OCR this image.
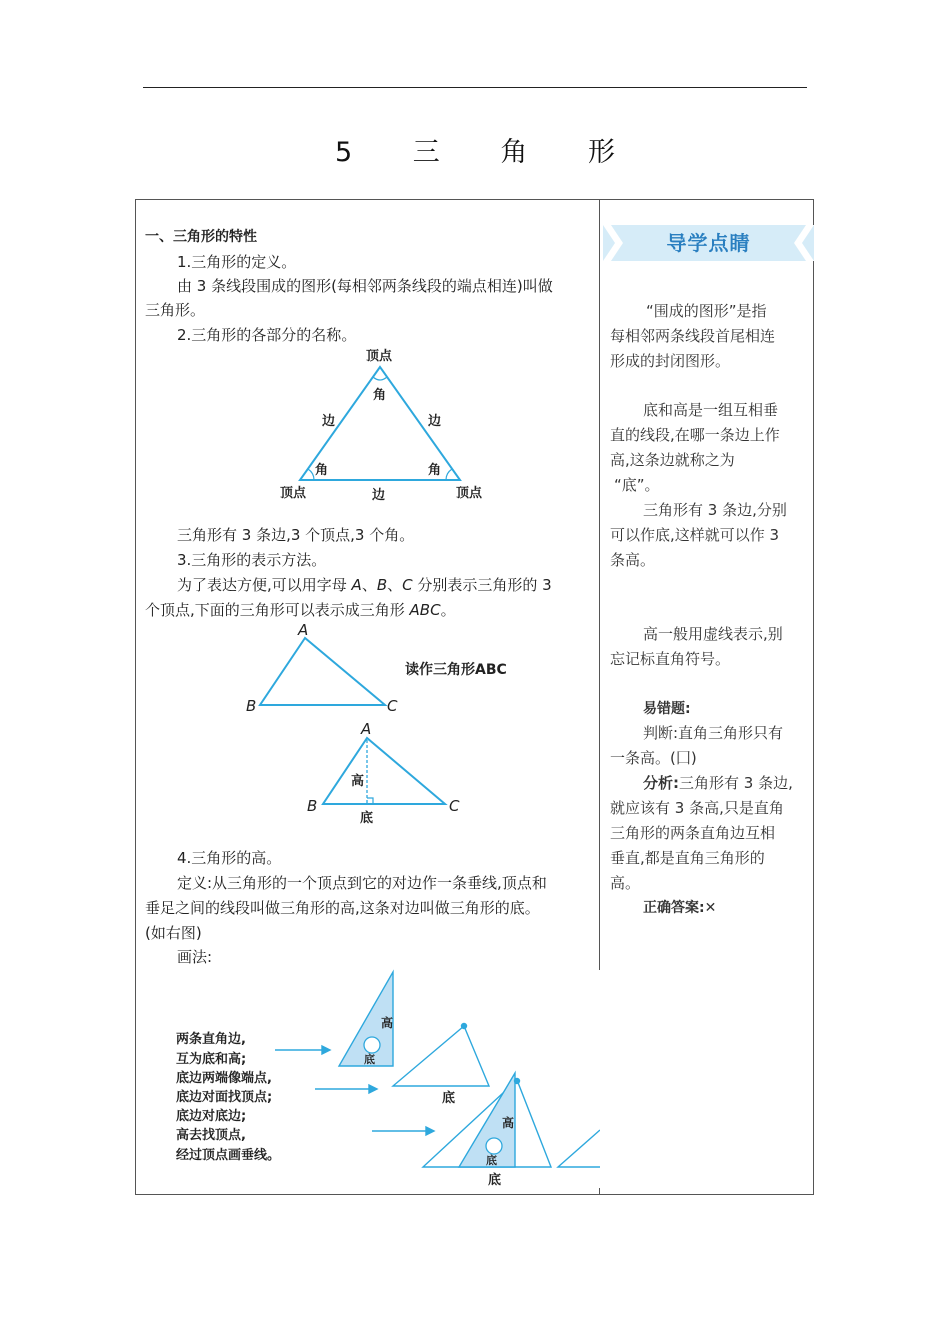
5 三 角 形
一、三角形的特性
1.三角形的定义。
由 3 条线段围成的图形(每相邻两条线段的端点相连)叫做
三角形。
2.三角形的各部分的名称。
顶点
角
边	边
角	角
顶点	边	顶点
三角形有 3 条边,3 个顶点,3 个角。
3.三角形的表示方法。
为了表达方便,可以用字母 A、B、C 分别表示三角形的 3
个顶点,下面的三角形可以表示成三角形 ABC。
A
B	C
读作三角形ABC
A
B	C
高
底
4.三角形的高。
定义:从三角形的一个顶点到它的对边作一条垂线,顶点和
垂足之间的线段叫做三角形的高,这条对边叫做三角形的底。
(如右图)
画法:
两条直角边,
互为底和高;
底边两端像端点,
底边对面找顶点;
底边对底边;
高去找顶点,
经过顶点画垂线。
高
底
底
高
底
底
导学点睛
“围成的图形”是指
每相邻两条线段首尾相连
形成的封闭图形。
底和高是一组互相垂
直的线段,在哪一条边上作
高,这条边就称之为
“底”。
三角形有 3 条边,分别
可以作底,这样就可以作 3
条高。
高一般用虚线表示,别
忘记标直角符号。
易错题:
判断:直角三角形只有
一条高。(囗)
分析:三角形有 3 条边,
就应该有 3 条高,只是直角
三角形的两条直角边互相
垂直,都是直角三角形的
高。
正确答案:✕
